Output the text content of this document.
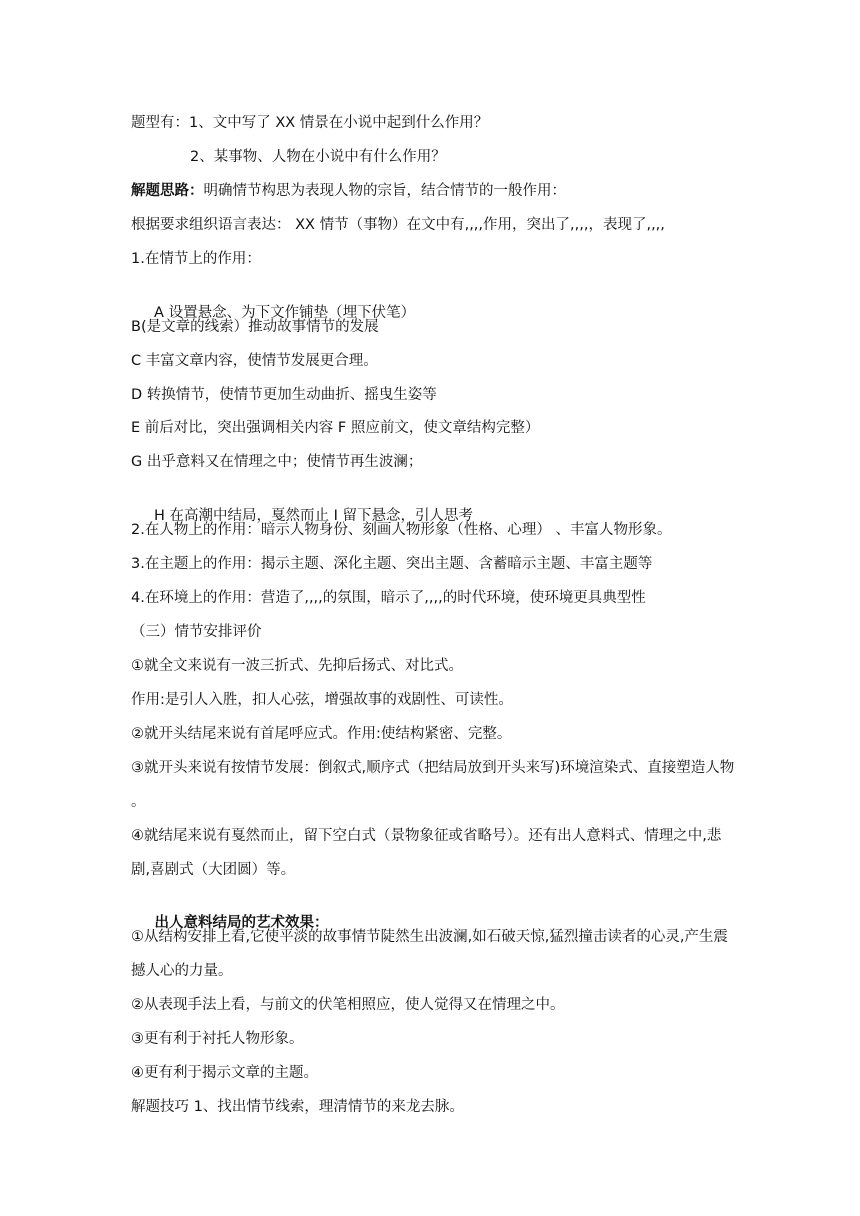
题型有：1、文中写了 XX 情景在小说中起到什么作用？
2、某事物、人物在小说中有什么作用？
解题思路：明确情节构思为表现人物的宗旨，结合情节的一般作用：
根据要求组织语言表达： XX 情节（事物）在文中有,,,,作用，突出了,,,,，表现了,,,,
1.在情节上的作用：

A 设置悬念、为下文作铺垫（埋下伏笔）

B(是文章的线索）推动故事情节的发展
C 丰富文章内容，使情节发展更合理。
D 转换情节，使情节更加生动曲折、摇曳生姿等
E 前后对比，突出强调相关内容 F 照应前文，使文章结构完整）
G 出乎意料又在情理之中；使情节再生波澜；

H 在高潮中结局，戛然而止 I 留下悬念，引人思考

2.在人物上的作用：暗示人物身份、刻画人物形象（性格、心理） 、丰富人物形象。
3.在主题上的作用：揭示主题、深化主题、突出主题、含蓄暗示主题、丰富主题等
4.在环境上的作用：营造了,,,,的氛围，暗示了,,,,的时代环境，使环境更具典型性
（三）情节安排评价
①就全文来说有一波三折式、先抑后扬式、对比式。
作用:是引人入胜，扣人心弦，增强故事的戏剧性、可读性。
②就开头结尾来说有首尾呼应式。作用:使结构紧密、完整。
③就开头来说有按情节发展：倒叙式,顺序式（把结局放到开头来写)环境渲染式、直接塑造人物 。
④就结尾来说有戛然而止，留下空白式（景物象征或省略号）。还有出人意料式、情理之中,悲剧,喜剧式（大团圆）等。

出人意料结局的艺术效果：

①从结构安排上看,它使平淡的故事情节陡然生出波澜,如石破天惊,猛烈撞击读者的心灵,产生震撼人心的力量。
②从表现手法上看，与前文的伏笔相照应，使人觉得又在情理之中。
③更有利于衬托人物形象。
④更有利于揭示文章的主题。
解题技巧 1、找出情节线索，理清情节的来龙去脉。
